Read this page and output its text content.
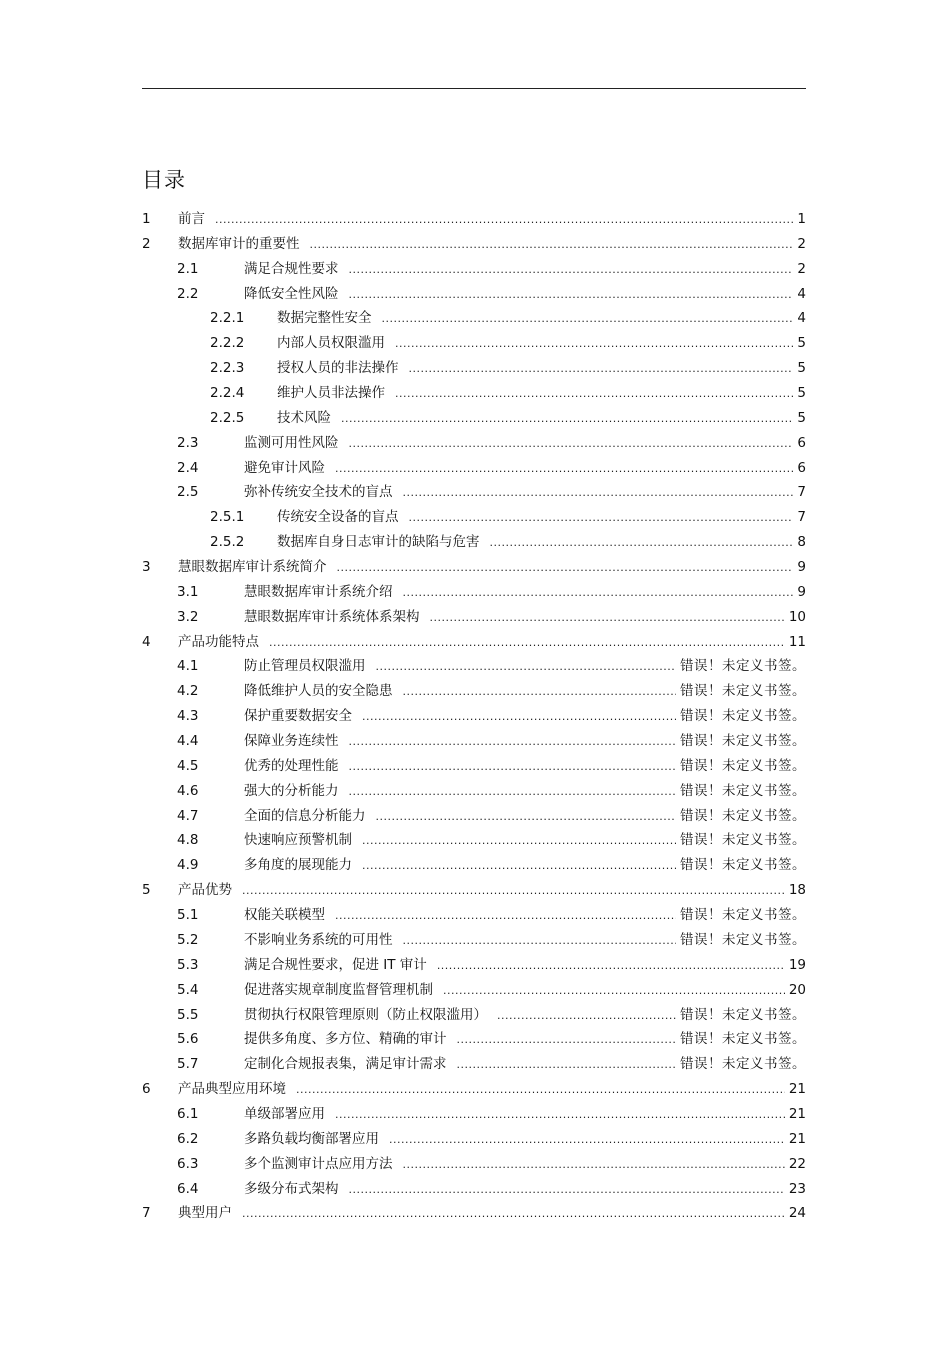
目录
1	前言 .....	1
2	数据库审计的重要性 .....	2
2.1	满足合规性要求 .....	2
2.2	降低安全性风险 .....	4
2.2.1	数据完整性安全 .....	4
2.2.2	内部人员权限滥用 .....	5
2.2.3	授权人员的非法操作 .....	5
2.2.4	维护人员非法操作 .....	5
2.2.5	技术风险 .....	5
2.3	监测可用性风险 .....	6
2.4	避免审计风险 .....	6
2.5	弥补传统安全技术的盲点 .....	7
2.5.1	传统安全设备的盲点 .....	7
2.5.2	数据库自身日志审计的缺陷与危害 .....	8
3	慧眼数据库审计系统简介 .....	9
3.1	慧眼数据库审计系统介绍 .....	9
3.2	慧眼数据库审计系统体系架构 .....	10
4	产品功能特点 .....	11
4.1	防止管理员权限滥用 .....	错误！未定义书签。
4.2	降低维护人员的安全隐患 .....	错误！未定义书签。
4.3	保护重要数据安全 .....	错误！未定义书签。
4.4	保障业务连续性 .....	错误！未定义书签。
4.5	优秀的处理性能 .....	错误！未定义书签。
4.6	强大的分析能力 .....	错误！未定义书签。
4.7	全面的信息分析能力 .....	错误！未定义书签。
4.8	快速响应预警机制 .....	错误！未定义书签。
4.9	多角度的展现能力 .....	错误！未定义书签。
5	产品优势 .....	18
5.1	权能关联模型 .....	错误！未定义书签。
5.2	不影响业务系统的可用性 .....	错误！未定义书签。
5.3	满足合规性要求，促进 IT 审计 .....	19
5.4	促进落实规章制度监督管理机制 .....	20
5.5	贯彻执行权限管理原则（防止权限滥用） .....	错误！未定义书签。
5.6	提供多角度、多方位、精确的审计 .....	错误！未定义书签。
5.7	定制化合规报表集，满足审计需求 .....	错误！未定义书签。
6	产品典型应用环境 .....	21
6.1	单级部署应用 .....	21
6.2	多路负载均衡部署应用 .....	21
6.3	多个监测审计点应用方法 .....	22
6.4	多级分布式架构 .....	23
7	典型用户 .....	24
